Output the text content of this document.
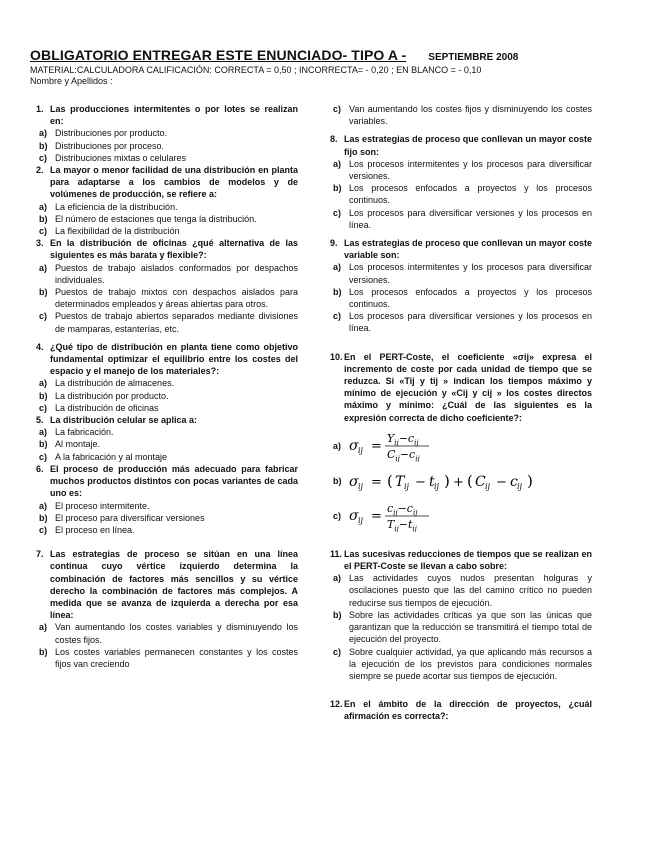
OBLIGATORIO ENTREGAR ESTE ENUNCIADO- TIPO A - SEPTIEMBRE 2008
MATERIAL:CALCULADORA CALIFICACIÓN: CORRECTA = 0,50 ; INCORRECTA= - 0,20 ; EN BLANCO = - 0,10
Nombre y Apellidos :
1. Las producciones intermitentes o por lotes se realizan en:
a) Distribuciones por producto.
b) Distribuciones por proceso.
c) Distribuciones mixtas o celulares
2. La mayor o menor facilidad de una distribución en planta para adaptarse a los cambios de modelos y de volúmenes de producción, se refiere a:
a) La eficiencia de la distribución.
b) El número de estaciones que tenga la distribución.
c) La flexibilidad de la distribución
3. En la distribución de oficinas ¿qué alternativa de las siguientes es más barata y flexible?:
a) Puestos de trabajo aislados conformados por despachos individuales.
b) Puestos de trabajo mixtos con despachos aislados para determinados empleados y áreas abiertas para otros.
c) Puestos de trabajo abiertos separados mediante divisiones de mamparas, estanterías, etc.
4. ¿Qué tipo de distribución en planta tiene como objetivo fundamental optimizar el equilibrio entre los costes del espacio y el manejo de los materiales?:
a) La distribución de almacenes.
b) La distribución por producto.
c) La distribución de oficinas
5. La distribución celular se aplica a:
a) La fabricación.
b) Al montaje.
c) A la fabricación y al montaje
6. El proceso de producción más adecuado para fabricar muchos productos distintos con pocas variantes de cada uno es:
a) El proceso intermitente.
b) El proceso para diversificar versiones
c) El proceso en línea.
7. Las estrategias de proceso se sitúan en una línea continua cuyo vértice izquierdo determina la combinación de factores más sencillos y su vértice derecho la combinación de factores más complejos. A medida que se avanza de izquierda a derecha por esa línea:
a) Van aumentando los costes variables y disminuyendo los costes fijos.
b) Los costes variables permanecen constantes y los costes fijos van creciendo
c) Van aumentando los costes fijos y disminuyendo los costes variables.
8. Las estrategias de proceso que conllevan un mayor coste fijo son:
a) Los procesos intermitentes y los procesos para diversificar versiones.
b) Los procesos enfocados a proyectos y los procesos continuos.
c) Los procesos para diversificar versiones y los procesos en línea.
9. Las estrategias de proceso que conllevan un mayor coste variable son:
a) Los procesos intermitentes y los procesos para diversificar versiones.
b) Los procesos enfocados a proyectos y los procesos continuos.
c) Los procesos para diversificar versiones y los procesos en línea.
10. En el PERT-Coste, el coeficiente «σij» expresa el incremento de coste por cada unidad de tiempo que se reduzca. Si «Tij y tij » indican los tiempos máximo y mínimo de ejecución y «Cij y cij » los costes directos máximo y mínimo: ¿Cuál de las siguientes es la expresión correcta de dicho coeficiente?:
a) σ ij =
$Y_{ij}-c_{ij}$
$C_{ij}-c_{ij}$
b) σ ij = ( T ij − t ij ) + ( C ij − c ij )
c) σ ij =
$c_{ij}-c_{ij}$
$T_{ij}-t_{ij}$
11. Las sucesivas reducciones de tiempos que se realizan en el PERT-Coste se llevan a cabo sobre:
a) Las actividades cuyos nudos presentan holguras y oscilaciones puesto que las del camino crítico no pueden reducirse sus tiempos de ejecución.
b) Sobre las actividades críticas ya que son las únicas que garantizan que la reducción se transmitirá el tiempo total de ejecución del proyecto.
c) Sobre cualquier actividad, ya que aplicando más recursos a la ejecución de los previstos para condiciones normales siempre se puede acortar sus tiempos de ejecución.
12. En el ámbito de la dirección de proyectos, ¿cuál afirmación es correcta?:
